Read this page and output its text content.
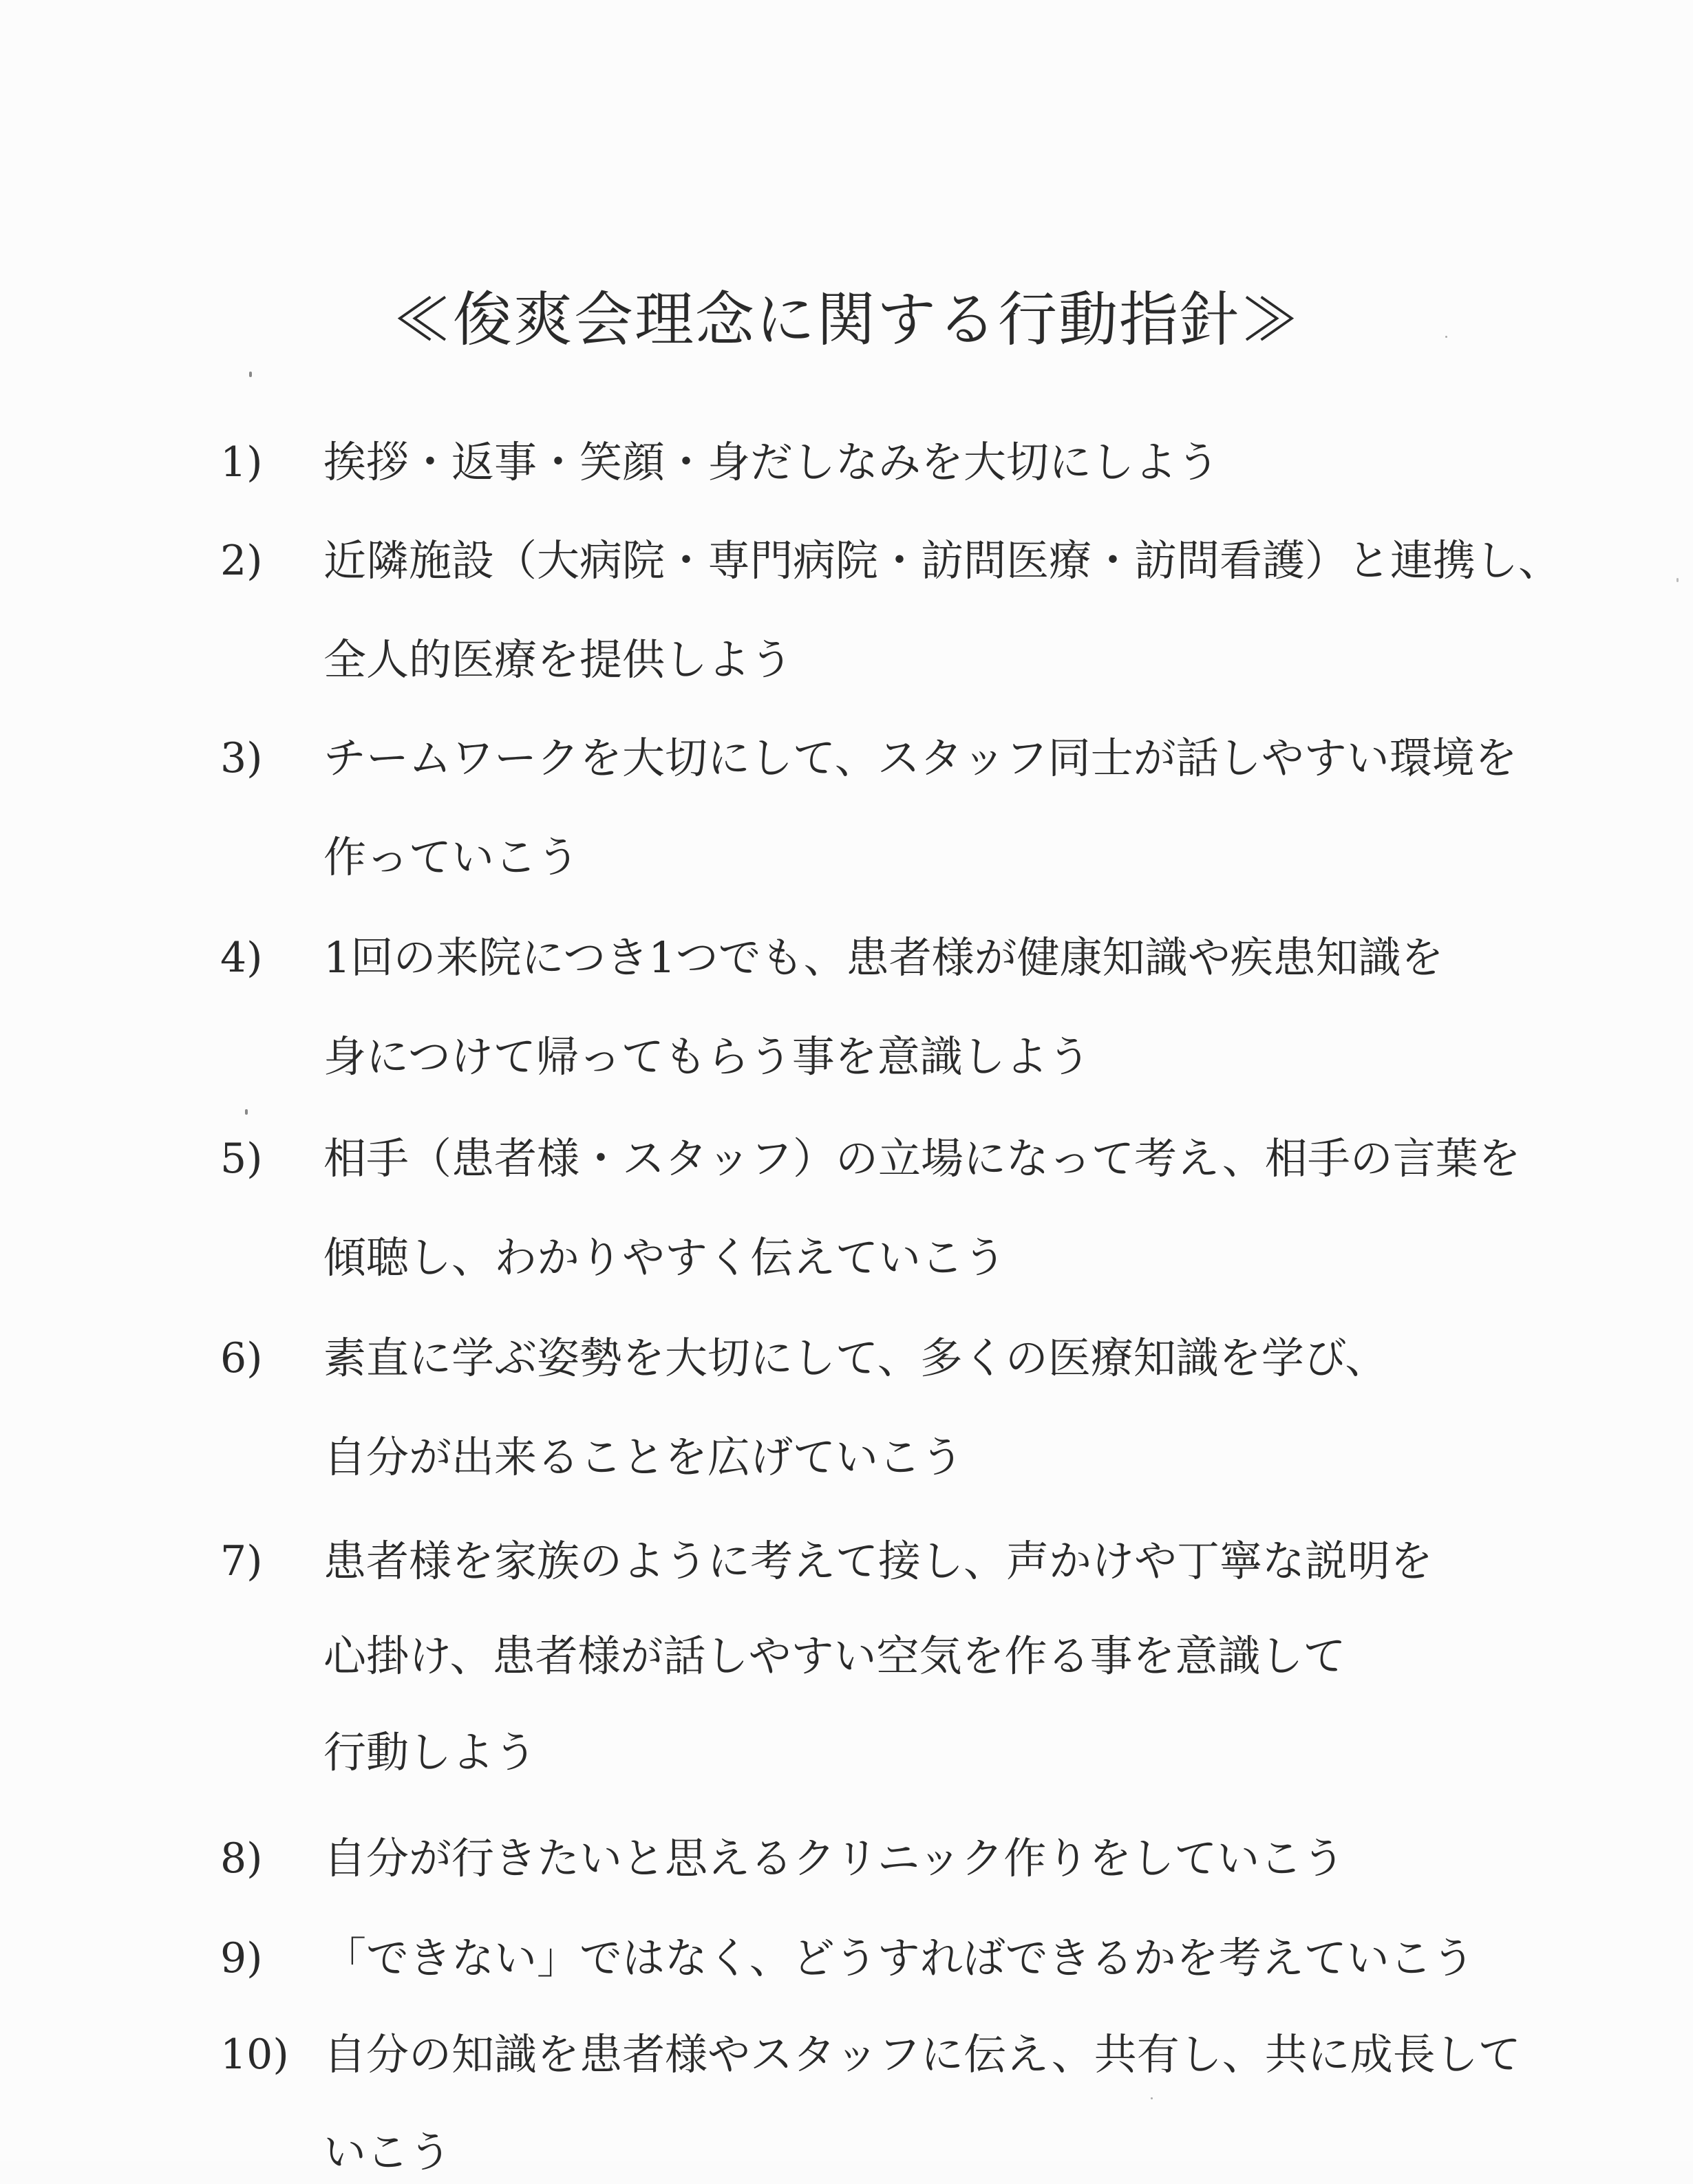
≪俊爽会理念に関する行動指針≫
1)	挨拶・返事・笑顔・身だしなみを大切にしよう
2)	近隣施設（大病院・専門病院・訪問医療・訪問看護）と連携し、
全人的医療を提供しよう
3)	チームワークを大切にして、スタッフ同士が話しやすい環境を
作っていこう
4)	1回の来院につき1つでも、患者様が健康知識や疾患知識を
身につけて帰ってもらう事を意識しよう
5)	相手（患者様・スタッフ）の立場になって考え、相手の言葉を
傾聴し、わかりやすく伝えていこう
6)	素直に学ぶ姿勢を大切にして、多くの医療知識を学び、
自分が出来ることを広げていこう
7)	患者様を家族のように考えて接し、声かけや丁寧な説明を
心掛け、患者様が話しやすい空気を作る事を意識して
行動しよう
8)	自分が行きたいと思えるクリニック作りをしていこう
9)	「できない」ではなく、どうすればできるかを考えていこう
10) 自分の知識を患者様やスタッフに伝え、共有し、共に成長して
いこう
